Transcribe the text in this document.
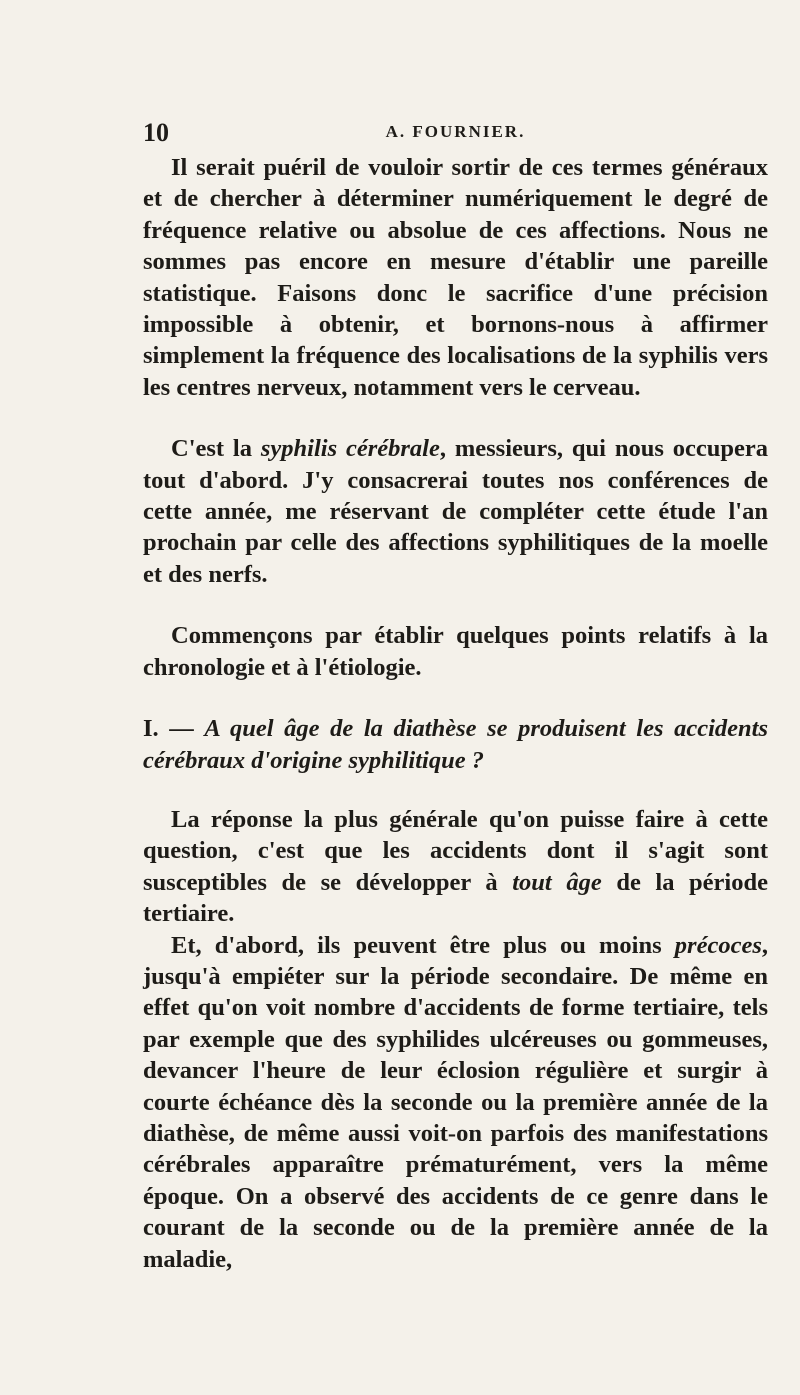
10	A. FOURNIER.

Il serait puéril de vouloir sortir de ces termes généraux et de chercher à déterminer numériquement le degré de fréquence relative ou absolue de ces affections. Nous ne sommes pas encore en mesure d'établir une pareille statistique. Faisons donc le sacrifice d'une précision impossible à obtenir, et bornons-nous à affirmer simplement la fréquence des localisations de la syphilis vers les centres nerveux, notamment vers le cerveau.

C'est la syphilis cérébrale, messieurs, qui nous occupera tout d'abord. J'y consacrerai toutes nos conférences de cette année, me réservant de compléter cette étude l'an prochain par celle des affections syphilitiques de la moelle et des nerfs.

Commençons par établir quelques points relatifs à la chronologie et à l'étiologie.

I. — A quel âge de la diathèse se produisent les accidents cérébraux d'origine syphilitique ?

La réponse la plus générale qu'on puisse faire à cette question, c'est que les accidents dont il s'agit sont susceptibles de se développer à tout âge de la période tertiaire.

Et, d'abord, ils peuvent être plus ou moins précoces, jusqu'à empiéter sur la période secondaire. De même en effet qu'on voit nombre d'accidents de forme tertiaire, tels par exemple que des syphilides ulcéreuses ou gommeuses, devancer l'heure de leur éclosion régulière et surgir à courte échéance dès la seconde ou la première année de la diathèse, de même aussi voit-on parfois des manifestations cérébrales apparaître prématurément, vers la même époque. On a observé des accidents de ce genre dans le courant de la seconde ou de la première année de la maladie,
